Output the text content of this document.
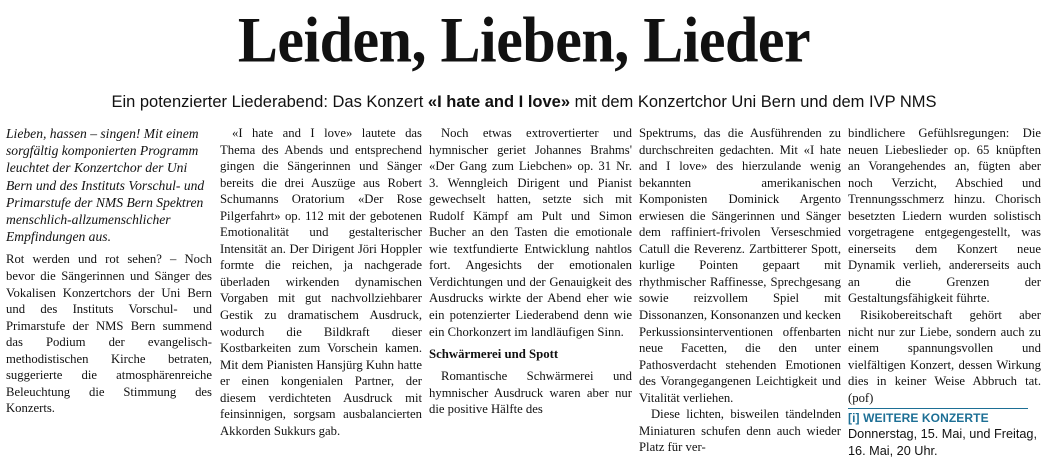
Leiden, Lieben, Lieder
Ein potenzierter Liederabend: Das Konzert «I hate and I love» mit dem Konzertchor Uni Bern und dem IVP NMS

Lieben, hassen – singen! Mit einem sorgfältig komponierten Programm leuchtet der Konzertchor der Uni Bern und des Instituts Vorschul- und Primarstufe der NMS Bern Spektren menschlich-allzumenschlicher Empfindungen aus.

Rot werden und rot sehen? – Noch bevor die Sängerinnen und Sänger des Vokalisen Konzertchors der Uni Bern und des Instituts Vorschul- und Primarstufe der NMS Bern summend das Podium der evangelisch-methodistischen Kirche betraten, suggerierte die atmosphärenreiche Beleuchtung die Stimmung des Konzerts.

«I hate and I love» lautete das Thema des Abends und entsprechend gingen die Sängerinnen und Sänger bereits die drei Auszüge aus Robert Schumanns Oratorium «Der Rose Pilgerfahrt» op. 112 mit der gebotenen Emotionalität und gestalterischer Intensität an. Der Dirigent Jöri Hoppler formte die reichen, ja nachgerade überladen wirkenden dynamischen Vorgaben mit gut nachvollziehbarer Gestik zu dramatischem Ausdruck, wodurch die Bildkraft dieser Kostbarkeiten zum Vorschein kamen. Mit dem Pianisten Hansjürg Kuhn hatte er einen kongenialen Partner, der diesem verdichteten Ausdruck mit feinsinnigen, sorgsam ausbalancierten Akkorden Sukkurs gab.

Noch etwas extrovertierter und hymnischer geriet Johannes Brahms' «Der Gang zum Liebchen» op. 31 Nr. 3. Wenngleich Dirigent und Pianist gewechselt hatten, setzte sich mit Rudolf Kämpf am Pult und Simon Bucher an den Tasten die emotionale wie textfundierte Entwicklung nahtlos fort. Angesichts der emotionalen Verdichtungen und der Genauigkeit des Ausdrucks wirkte der Abend eher wie ein potenzierter Liederabend denn wie ein Chorkonzert im landläufigen Sinn.

Schwärmerei und Spott

Romantische Schwärmerei und hymnischer Ausdruck waren aber nur die positive Hälfte des

Spektrums, das die Ausführenden zu durchschreiten gedachten. Mit «I hate and I love» des hierzulande wenig bekannten amerikanischen Komponisten Dominick Argento erwiesen die Sängerinnen und Sänger dem raffiniert-frivolen Verseschmied Catull die Reverenz. Zartbitterer Spott, kurlige Pointen gepaart mit rhythmischer Raffinesse, Sprechgesang sowie reizvollem Spiel mit Dissonanzen, Konsonanzen und kecken Perkussionsinterventionen offenbarten neue Facetten, die den unter Pathosverdacht stehenden Emotionen des Vorangegangenen Leichtigkeit und Vitalität verliehen.

Diese lichten, bisweilen tändelnden Miniaturen schufen denn auch wieder Platz für ver-

bindlichere Gefühlsregungen: Die neuen Liebeslieder op. 65 knüpften an Vorangehendes an, fügten aber noch Verzicht, Abschied und Trennungsschmerz hinzu. Chorisch besetzten Liedern wurden solistisch vorgetragene entgegengestellt, was einerseits dem Konzert neue Dynamik verlieh, andererseits auch an die Grenzen der Gestaltungsfähigkeit führte.

Risikobereitschaft gehört aber nicht nur zur Liebe, sondern auch zu einem spannungsvollen und vielfältigen Konzert, dessen Wirkung dies in keiner Weise Abbruch tat. (pof)

[i] WEITERE KONZERTE
Donnerstag, 15. Mai, und Freitag, 16. Mai, 20 Uhr.
